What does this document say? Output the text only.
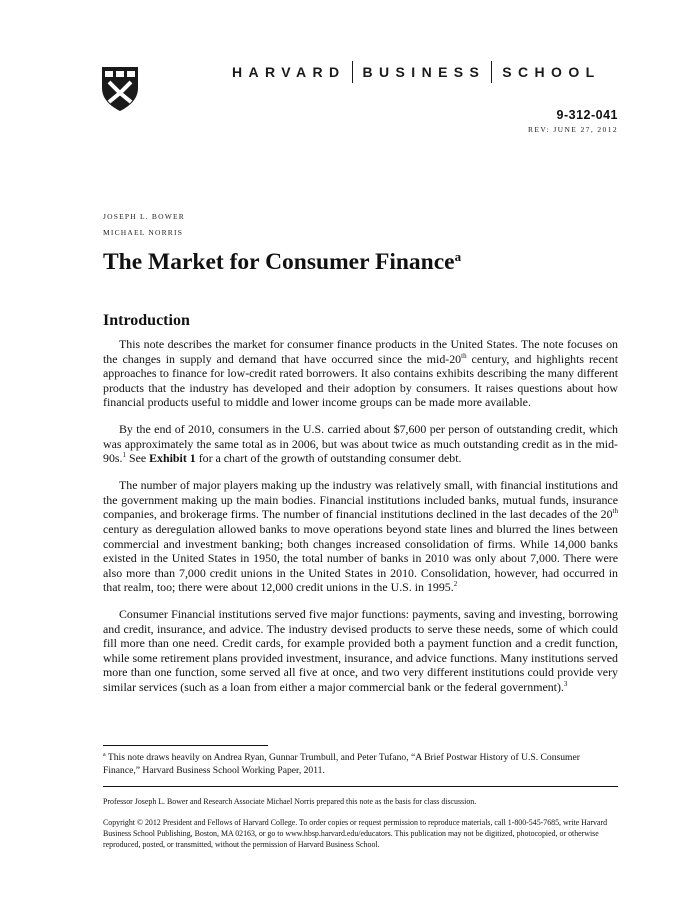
HARVARD BUSINESS SCHOOL
9-312-041
REV: JUNE 27, 2012
JOSEPH L. BOWER
MICHAEL NORRIS
The Market for Consumer Finance$^a$
Introduction

This note describes the market for consumer finance products in the United States. The note focuses on the changes in supply and demand that have occurred since the mid-20th century, and highlights recent approaches to finance for low-credit rated borrowers. It also contains exhibits describing the many different products that the industry has developed and their adoption by consumers. It raises questions about how financial products useful to middle and lower income groups can be made more available.

By the end of 2010, consumers in the U.S. carried about $7,600 per person of outstanding credit, which was approximately the same total as in 2006, but was about twice as much outstanding credit as in the mid-90s.$^1$ See Exhibit 1 for a chart of the growth of outstanding consumer debt.

The number of major players making up the industry was relatively small, with financial institutions and the government making up the main bodies. Financial institutions included banks, mutual funds, insurance companies, and brokerage firms. The number of financial institutions declined in the last decades of the 20th century as deregulation allowed banks to move operations beyond state lines and blurred the lines between commercial and investment banking; both changes increased consolidation of firms. While 14,000 banks existed in the United States in 1950, the total number of banks in 2010 was only about 7,000. There were also more than 7,000 credit unions in the United States in 2010. Consolidation, however, had occurred in that realm, too; there were about 12,000 credit unions in the U.S. in 1995.$^2$

Consumer Financial institutions served five major functions: payments, saving and investing, borrowing and credit, insurance, and advice. The industry devised products to serve these needs, some of which could fill more than one need. Credit cards, for example provided both a payment function and a credit function, while some retirement plans provided investment, insurance, and advice functions. Many institutions served more than one function, some served all five at once, and two very different institutions could provide very similar services (such as a loan from either a major commercial bank or the federal government).$^3$

$^a$ This note draws heavily on Andrea Ryan, Gunnar Trumbull, and Peter Tufano, “A Brief Postwar History of U.S. Consumer Finance,” Harvard Business School Working Paper, 2011.
Professor Joseph L. Bower and Research Associate Michael Norris prepared this note as the basis for class discussion.
Copyright © 2012 President and Fellows of Harvard College. To order copies or request permission to reproduce materials, call 1-800-545-7685, write Harvard Business School Publishing, Boston, MA 02163, or go to www.hbsp.harvard.edu/educators. This publication may not be digitized, photocopied, or otherwise reproduced, posted, or transmitted, without the permission of Harvard Business School.
